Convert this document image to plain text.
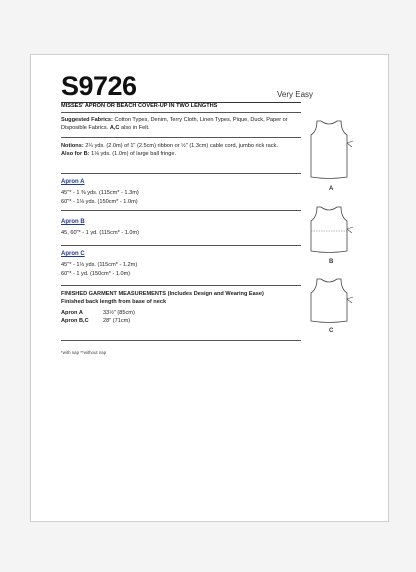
S9726	Very Easy
MISSES' APRON OR BEACH COVER-UP IN TWO LENGTHS
Suggested Fabrics: Cotton Types, Denim, Terry Cloth, Linen Types, Pique, Duck, Paper or
Disposible Fabrics. A,C also in Felt.
Notions: 2¼ yds. (2.0m) of 1" (2.5cm) ribbon or ½" (1.3cm) cable cord, jumbo rick rack.
Also for B: 1⅛ yds. (1.0m) of large ball fringe.
Apron A
45"* - 1 ⅜ yds. (115cm* - 1.3m)
60"* - 1⅛ yds. (150cm* - 1.0m)
Apron B
45, 60"* - 1 yd. (115cm* - 1.0m)
Apron C
45"* - 1⅓ yds. (115cm* - 1.2m)
60"* - 1 yd. (150cm* - 1.0m)
FINISHED GARMENT MEASUREMENTS (Includes Design and Wearing Ease)
Finished back length from base of neck
Apron A	33½" (85cm)
Apron B,C	28" (71cm)
*with nap **without nap
A
B
C
